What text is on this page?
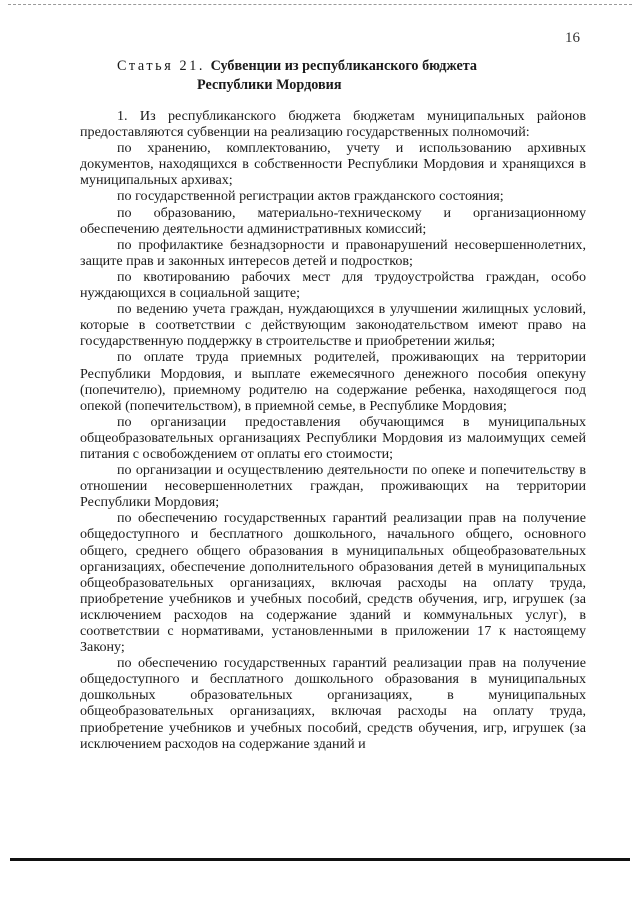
16
Статья 21. Субвенции из республиканского бюджета
Республики Мордовия

1. Из республиканского бюджета бюджетам муниципальных районов предоставляются субвенции на реализацию государственных полномочий:

по хранению, комплектованию, учету и использованию архивных документов, находящихся в собственности Республики Мордовия и хранящихся в муниципальных архивах;

по государственной регистрации актов гражданского состояния;

по образованию, материально-техническому и организационному обеспечению деятельности административных комиссий;

по профилактике безнадзорности и правонарушений несовершеннолетних, защите прав и законных интересов детей и подростков;

по квотированию рабочих мест для трудоустройства граждан, особо нуждающихся в социальной защите;

по ведению учета граждан, нуждающихся в улучшении жилищных условий, которые в соответствии с действующим законодательством имеют право на государственную поддержку в строительстве и приобретении жилья;

по оплате труда приемных родителей, проживающих на территории Республики Мордовия, и выплате ежемесячного денежного пособия опекуну (попечителю), приемному родителю на содержание ребенка, находящегося под опекой (попечительством), в приемной семье, в Республике Мордовия;

по организации предоставления обучающимся в муниципальных общеобразовательных организациях Республики Мордовия из малоимущих семей питания с освобождением от оплаты его стоимости;

по организации и осуществлению деятельности по опеке и попечительству в отношении несовершеннолетних граждан, проживающих на территории Республики Мордовия;

по обеспечению государственных гарантий реализации прав на получение общедоступного и бесплатного дошкольного, начального общего, основного общего, среднего общего образования в муниципальных общеобразовательных организациях, обеспечение дополнительного образования детей в муниципальных общеобразовательных организациях, включая расходы на оплату труда, приобретение учебников и учебных пособий, средств обучения, игр, игрушек (за исключением расходов на содержание зданий и коммунальных услуг), в соответствии с нормативами, установленными в приложении 17 к настоящему Закону;

по обеспечению государственных гарантий реализации прав на получение общедоступного и бесплатного дошкольного образования в муниципальных дошкольных образовательных организациях, в муниципальных общеобразовательных организациях, включая расходы на оплату труда, приобретение учебников и учебных пособий, средств обучения, игр, игрушек (за исключением расходов на содержание зданий и
